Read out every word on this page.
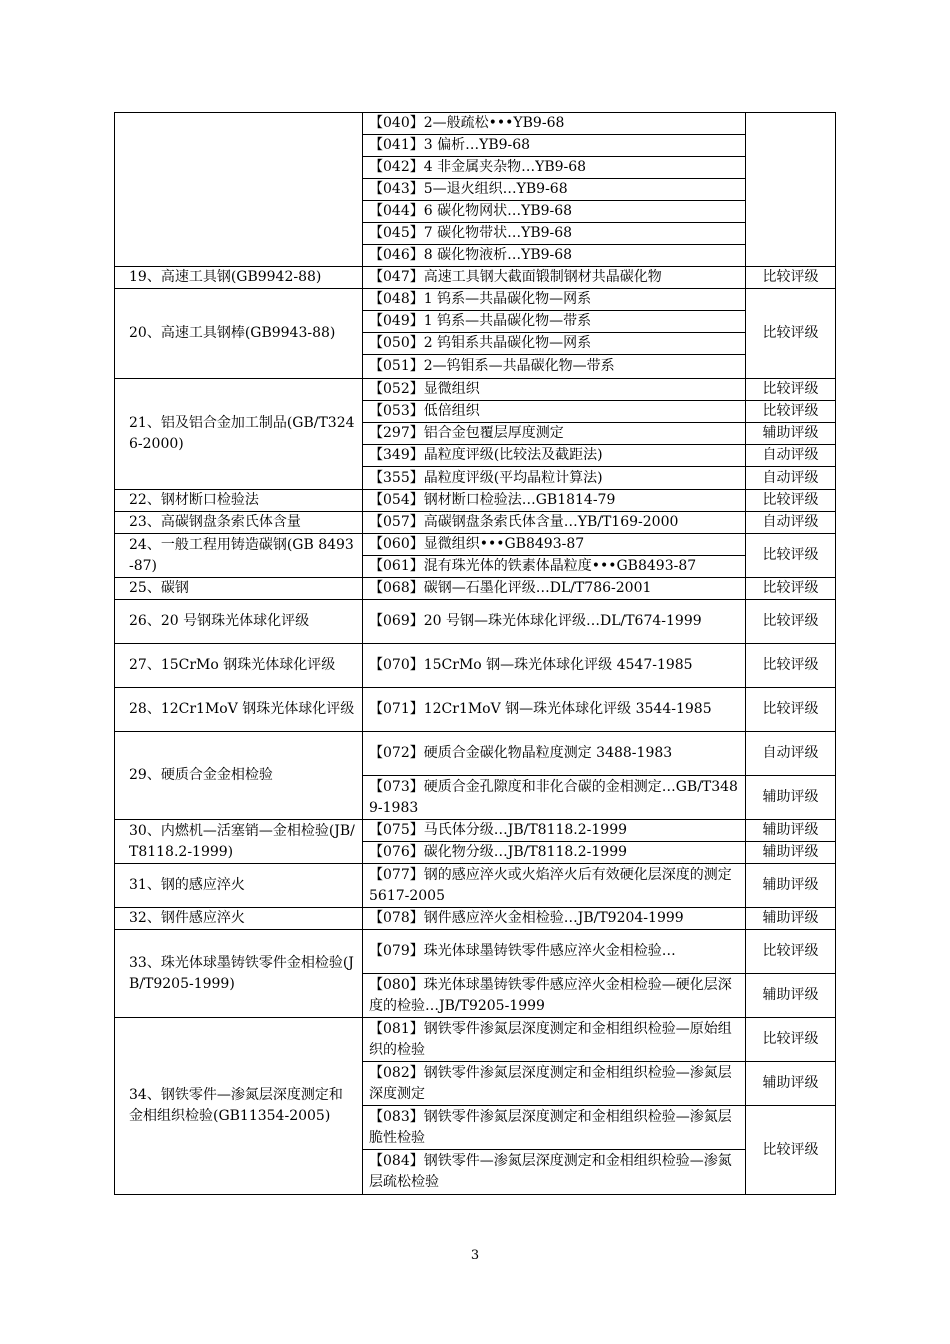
	【040】2—般疏松•••YB9-68	
	【041】3 偏析…YB9-68	
	【042】4 非金属夹杂物…YB9-68	
	【043】5—退火组织…YB9-68	
	【044】6 碳化物网状…YB9-68	
	【045】7 碳化物带状…YB9-68	
	【046】8 碳化物液析…YB9-68	
19、高速工具钢(GB9942-88)	【047】高速工具钢大截面锻制钢材共晶碳化物	比较评级
20、高速工具钢棒(GB9943-88)	【048】1 钨系—共晶碳化物—网系	比较评级
	【049】1 钨系—共晶碳化物—带系	
	【050】2 钨钼系共晶碳化物—网系	
	【051】2—钨钼系—共晶碳化物—带系	
21、铝及铝合金加工制品(GB/T3246-2000)	【052】显微组织	比较评级
	【053】低倍组织	比较评级
	【297】铝合金包覆层厚度测定	辅助评级
	【349】晶粒度评级(比较法及截距法)	自动评级
	【355】晶粒度评级(平均晶粒计算法)	自动评级
22、钢材断口检验法	【054】钢材断口检验法…GB1814-79	比较评级
23、高碳钢盘条索氏体含量	【057】高碳钢盘条索氏体含量…YB/T169-2000	自动评级
24、一般工程用铸造碳钢(GB 8493-87)	【060】显微组织•••GB8493-87	比较评级
	【061】混有珠光体的铁素体晶粒度•••GB8493-87	
25、碳钢	【068】碳钢—石墨化评级…DL/T786-2001	比较评级
26、20 号钢珠光体球化评级	【069】20 号钢—珠光体球化评级…DL/T674-1999	比较评级
27、15CrMo 钢珠光体球化评级	【070】15CrMo 钢—珠光体球化评级 4547-1985	比较评级
28、12Cr1MoV 钢珠光体球化评级	【071】12Cr1MoV 钢—珠光体球化评级 3544-1985	比较评级
29、硬质合金金相检验	【072】硬质合金碳化物晶粒度测定 3488-1983	自动评级
	【073】硬质合金孔隙度和非化合碳的金相测定…GB/T3489-1983	辅助评级
30、内燃机—活塞销—金相检验(JB/T8118.2-1999)	【075】马氏体分级…JB/T8118.2-1999	辅助评级
	【076】碳化物分级…JB/T8118.2-1999	辅助评级
31、钢的感应淬火	【077】钢的感应淬火或火焰淬火后有效硬化层深度的测定 5617-2005	辅助评级
32、钢件感应淬火	【078】钢件感应淬火金相检验…JB/T9204-1999	辅助评级
33、珠光体球墨铸铁零件金相检验(JB/T9205-1999)	【079】珠光体球墨铸铁零件感应淬火金相检验…	比较评级
	【080】珠光体球墨铸铁零件感应淬火金相检验—硬化层深度的检验…JB/T9205-1999	辅助评级
34、钢铁零件—渗氮层深度测定和金相组织检验(GB11354-2005)	【081】钢铁零件渗氮层深度测定和金相组织检验—原始组织的检验	比较评级
	【082】钢铁零件渗氮层深度测定和金相组织检验—渗氮层深度测定	辅助评级
	【083】钢铁零件渗氮层深度测定和金相组织检验—渗氮层脆性检验	比较评级
	【084】钢铁零件—渗氮层深度测定和金相组织检验—渗氮层疏松检验	
3
